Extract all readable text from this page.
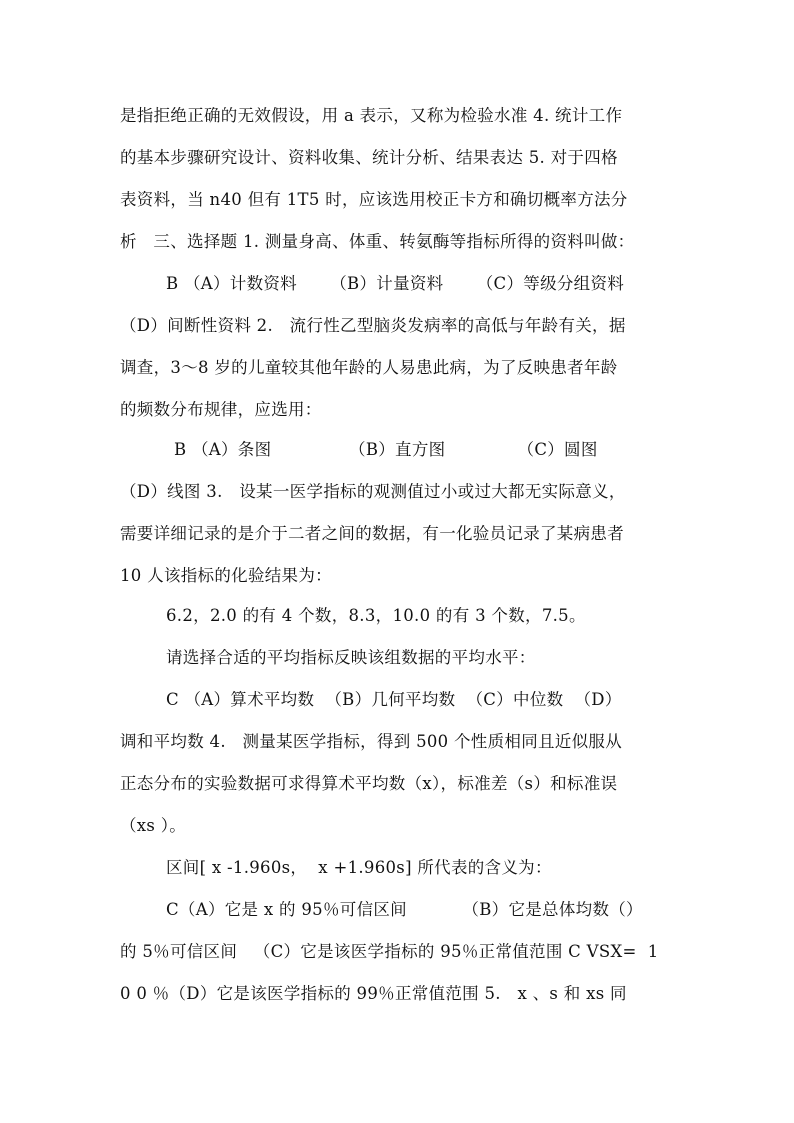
是指拒绝正确的无效假设，用 a 表示，又称为检验水准 4. 统计工作
的基本步骤研究设计、资料收集、统计分析、结果表达 5. 对于四格
表资料，当 n40 但有 1T5 时，应该选用校正卡方和确切概率方法分
析   三、选择题 1. 测量身高、体重、转氨酶等指标所得的资料叫做：
B （A）计数资料      （B）计量资料      （C）等级分组资料
（D）间断性资料 2.   流行性乙型脑炎发病率的高低与年龄有关，据
调查，3～8 岁的儿童较其他年龄的人易患此病，为了反映患者年龄
的频数分布规律，应选用：
B （A）条图              （B）直方图             （C）圆图
（D）线图 3.   设某一医学指标的观测值过小或过大都无实际意义，
需要详细记录的是介于二者之间的数据，有一化验员记录了某病患者
10 人该指标的化验结果为：
6.2，2.0 的有 4 个数，8.3，10.0 的有 3 个数，7.5。
请选择合适的平均指标反映该组数据的平均水平：
C （A）算术平均数  （B）几何平均数  （C）中位数  （D）
调和平均数 4.   测量某医学指标，得到 500 个性质相同且近似服从
正态分布的实验数据可求得算术平均数（x），标准差（s）和标准误
（xs ）。
区间[ x -1.960s，  x +1.960s] 所代表的含义为：
C（A）它是 x 的 95％可信区间          （B）它是总体均数（）
的 5％可信区间   （C）它是该医学指标的 95％正常值范围 C VSX=  1
0 0 ％（D）它是该医学指标的 99％正常值范围 5.   x 、s 和 xs 同
